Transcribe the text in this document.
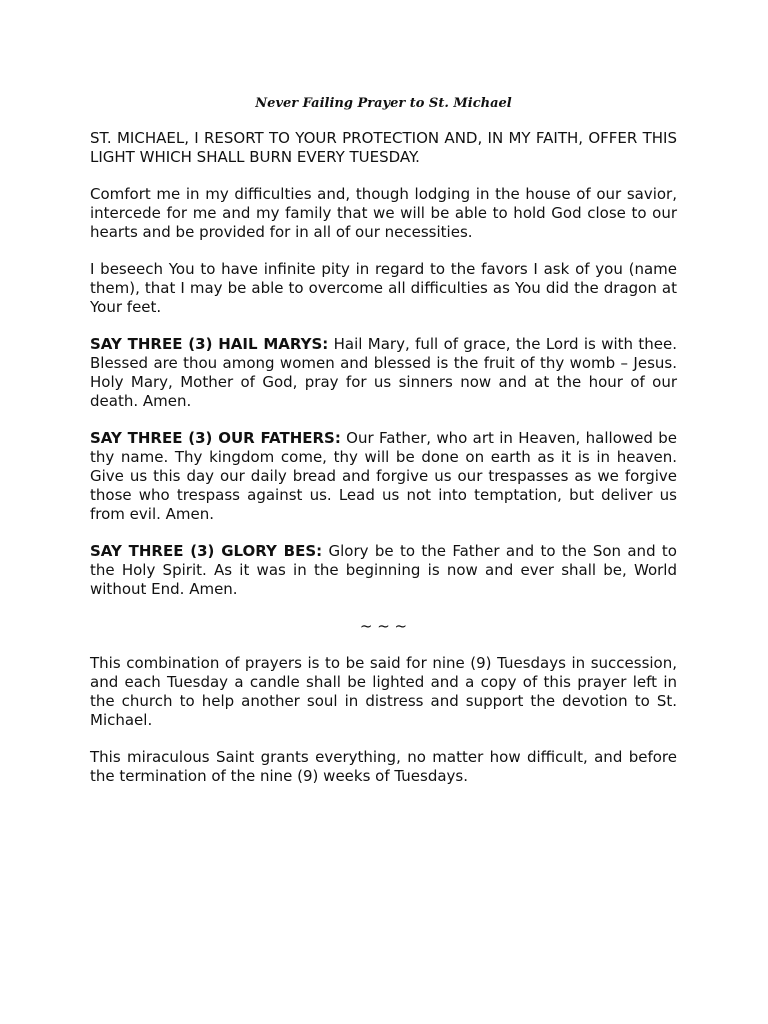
Never Failing Prayer to St. Michael

ST. MICHAEL, I RESORT TO YOUR PROTECTION AND, IN MY FAITH, OFFER THIS LIGHT WHICH SHALL BURN EVERY TUESDAY.

Comfort me in my difficulties and, though lodging in the house of our savior, intercede for me and my family that we will be able to hold God close to our hearts and be provided for in all of our necessities.

I beseech You to have infinite pity in regard to the favors I ask of you (name them), that I may be able to overcome all difficulties as You did the dragon at Your feet.

SAY THREE (3) HAIL MARYS: Hail Mary, full of grace, the Lord is with thee. Blessed are thou among women and blessed is the fruit of thy womb – Jesus. Holy Mary, Mother of God, pray for us sinners now and at the hour of our death. Amen.

SAY THREE (3) OUR FATHERS: Our Father, who art in Heaven, hallowed be thy name. Thy kingdom come, thy will be done on earth as it is in heaven. Give us this day our daily bread and forgive us our trespasses as we forgive those who trespass against us. Lead us not into temptation, but deliver us from evil. Amen.

SAY THREE (3) GLORY BES: Glory be to the Father and to the Son and to the Holy Spirit. As it was in the beginning is now and ever shall be, World without End. Amen.

~ ~ ~

This combination of prayers is to be said for nine (9) Tuesdays in succession, and each Tuesday a candle shall be lighted and a copy of this prayer left in the church to help another soul in distress and support the devotion to St. Michael.

This miraculous Saint grants everything, no matter how difficult, and before the termination of the nine (9) weeks of Tuesdays.
